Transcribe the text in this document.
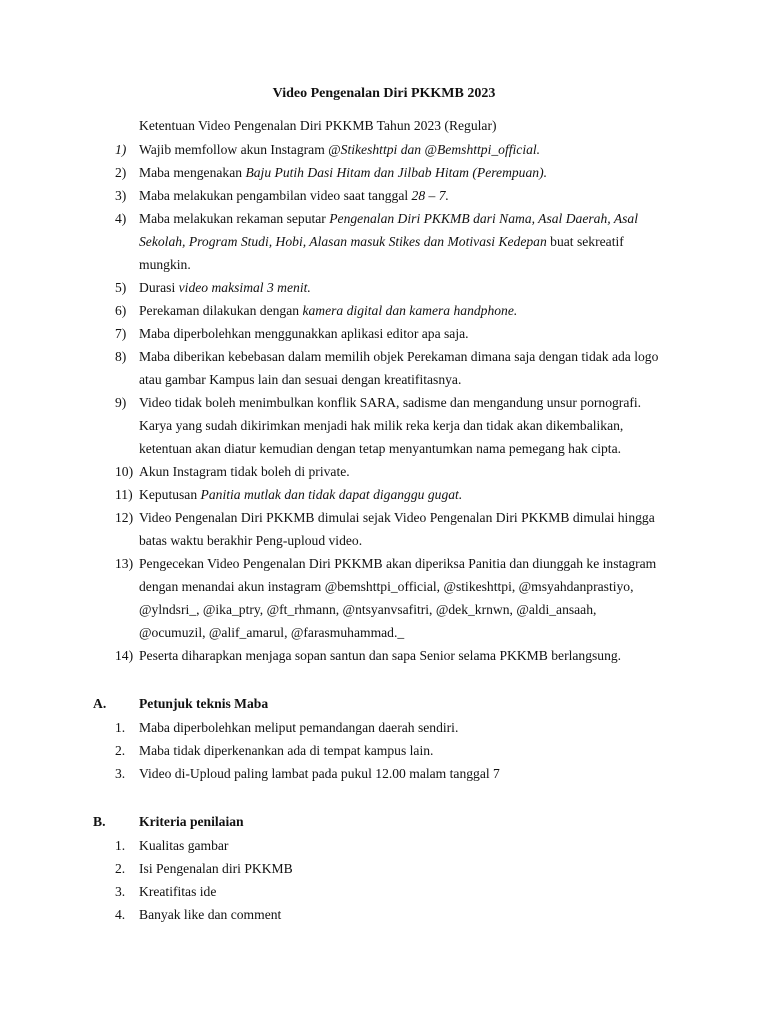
Video Pengenalan Diri PKKMB 2023
Ketentuan Video Pengenalan Diri PKKMB Tahun 2023 (Regular)
1) Wajib memfollow akun Instagram @Stikeshttpi dan @Bemshttpi_official.
2) Maba mengenakan Baju Putih Dasi Hitam dan Jilbab Hitam (Perempuan).
3) Maba melakukan pengambilan video saat tanggal 28 – 7.
4) Maba melakukan rekaman seputar Pengenalan Diri PKKMB dari Nama, Asal Daerah, Asal Sekolah, Program Studi, Hobi, Alasan masuk Stikes dan Motivasi Kedepan buat sekreatif mungkin.
5) Durasi video maksimal 3 menit.
6) Perekaman dilakukan dengan kamera digital dan kamera handphone.
7) Maba diperbolehkan menggunakkan aplikasi editor apa saja.
8) Maba diberikan kebebasan dalam memilih objek Perekaman dimana saja dengan tidak ada logo atau gambar Kampus lain dan sesuai dengan kreatifitasnya.
9) Video tidak boleh menimbulkan konflik SARA, sadisme dan mengandung unsur pornografi. Karya yang sudah dikirimkan menjadi hak milik reka kerja dan tidak akan dikembalikan, ketentuan akan diatur kemudian dengan tetap menyantumkan nama pemegang hak cipta.
10) Akun Instagram tidak boleh di private.
11) Keputusan Panitia mutlak dan tidak dapat diganggu gugat.
12) Video Pengenalan Diri PKKMB dimulai sejak Video Pengenalan Diri PKKMB dimulai hingga batas waktu berakhir Peng-uploud video.
13) Pengecekan Video Pengenalan Diri PKKMB akan diperiksa Panitia dan diunggah ke instagram dengan menandai akun instagram @bemshttpi_official, @stikeshttpi, @msyahdanprastiyo, @ylndsri_, @ika_ptry, @ft_rhmann, @ntsyanvsafitri, @dek_krnwn, @aldi_ansaah, @ocumuzil, @alif_amarul, @farasmuhammad._
14) Peserta diharapkan menjaga sopan santun dan sapa Senior selama PKKMB berlangsung.
A.	Petunjuk teknis Maba
1.	Maba diperbolehkan meliput pemandangan daerah sendiri.
2.	Maba tidak diperkenankan ada di tempat kampus lain.
3.	Video di-Uploud paling lambat pada pukul 12.00 malam tanggal 7
B.	Kriteria penilaian
1.	Kualitas gambar
2.	Isi Pengenalan diri PKKMB
3.	Kreatifitas ide
4.	Banyak like dan comment
